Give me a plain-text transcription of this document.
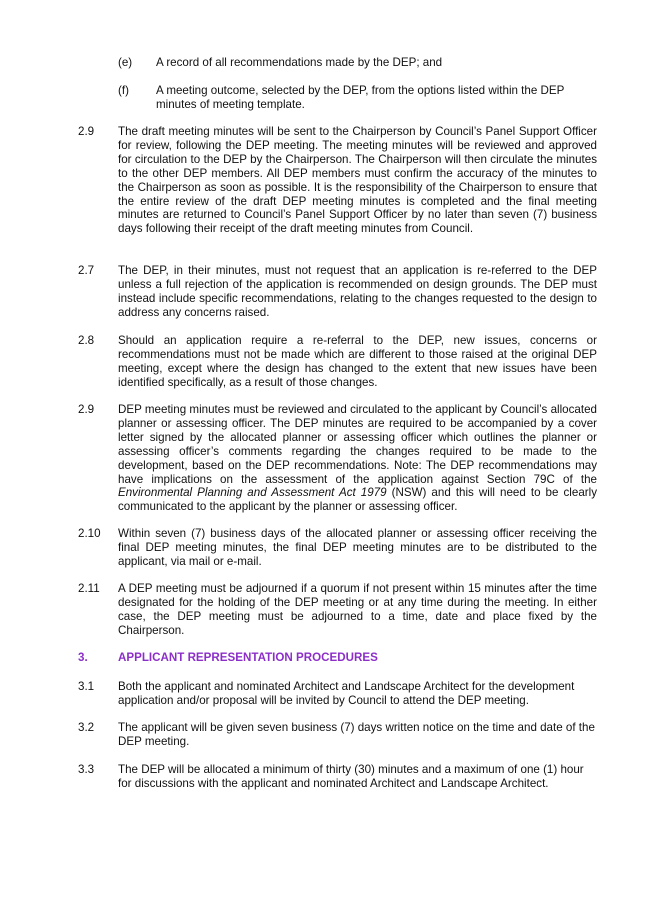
(e) A record of all recommendations made by the DEP; and
(f) A meeting outcome, selected by the DEP, from the options listed within the DEP minutes of meeting template.
2.9	The draft meeting minutes will be sent to the Chairperson by Council’s Panel Support Officer for review, following the DEP meeting. The meeting minutes will be reviewed and approved for circulation to the DEP by the Chairperson. The Chairperson will then circulate the minutes to the other DEP members. All DEP members must confirm the accuracy of the minutes to the Chairperson as soon as possible. It is the responsibility of the Chairperson to ensure that the entire review of the draft DEP meeting minutes is completed and the final meeting minutes are returned to Council’s Panel Support Officer by no later than seven (7) business days following their receipt of the draft meeting minutes from Council.
2.7	The DEP, in their minutes, must not request that an application is re-referred to the DEP unless a full rejection of the application is recommended on design grounds. The DEP must instead include specific recommendations, relating to the changes requested to the design to address any concerns raised.
2.8	Should an application require a re-referral to the DEP, new issues, concerns or recommendations must not be made which are different to those raised at the original DEP meeting, except where the design has changed to the extent that new issues have been identified specifically, as a result of those changes.
2.9	DEP meeting minutes must be reviewed and circulated to the applicant by Council’s allocated planner or assessing officer. The DEP minutes are required to be accompanied by a cover letter signed by the allocated planner or assessing officer which outlines the planner or assessing officer’s comments regarding the changes required to be made to the development, based on the DEP recommendations. Note: The DEP recommendations may have implications on the assessment of the application against Section 79C of the Environmental Planning and Assessment Act 1979 (NSW) and this will need to be clearly communicated to the applicant by the planner or assessing officer.
2.10	Within seven (7) business days of the allocated planner or assessing officer receiving the final DEP meeting minutes, the final DEP meeting minutes are to be distributed to the applicant, via mail or e-mail.
2.11	A DEP meeting must be adjourned if a quorum if not present within 15 minutes after the time designated for the holding of the DEP meeting or at any time during the meeting. In either case, the DEP meeting must be adjourned to a time, date and place fixed by the Chairperson.
3.	APPLICANT REPRESENTATION PROCEDURES
3.1	Both the applicant and nominated Architect and Landscape Architect for the development application and/or proposal will be invited by Council to attend the DEP meeting.
3.2	The applicant will be given seven business (7) days written notice on the time and date of the DEP meeting.
3.3	The DEP will be allocated a minimum of thirty (30) minutes and a maximum of one (1) hour for discussions with the applicant and nominated Architect and Landscape Architect.
